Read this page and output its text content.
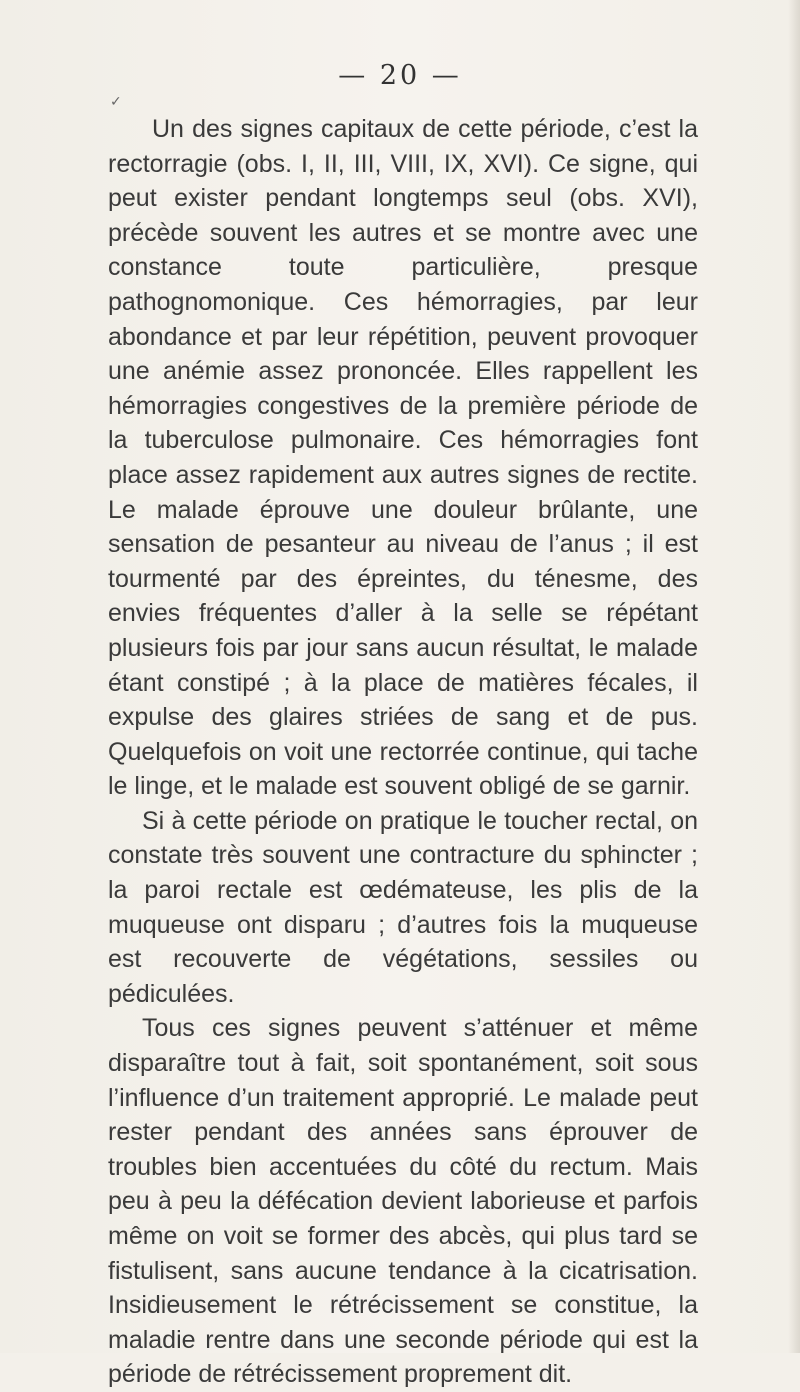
— 20 —
✓

Un des signes capitaux de cette période, c’est la rectorragie (obs. I, II, III, VIII, IX, XVI). Ce signe, qui peut exister pendant longtemps seul (obs. XVI), précède souvent les autres et se montre avec une constance toute particulière, presque pathognomonique. Ces hémorragies, par leur abondance et par leur répétition, peuvent provoquer une anémie assez prononcée. Elles rappellent les hémorragies congestives de la première période de la tuberculose pulmonaire. Ces hémorragies font place assez rapidement aux autres signes de rectite. Le malade éprouve une douleur brûlante, une sensation de pesanteur au niveau de l’anus ; il est tourmenté par des épreintes, du ténesme, des envies fréquentes d’aller à la selle se répétant plusieurs fois par jour sans aucun résultat, le malade étant constipé ; à la place de matières fécales, il expulse des glaires striées de sang et de pus. Quelquefois on voit une rectorrée continue, qui tache le linge, et le malade est souvent obligé de se garnir.

Si à cette période on pratique le toucher rectal, on constate très souvent une contracture du sphincter ; la paroi rectale est œdémateuse, les plis de la muqueuse ont disparu ; d’autres fois la muqueuse est recouverte de végétations, sessiles ou pédiculées.

Tous ces signes peuvent s’atténuer et même disparaître tout à fait, soit spontanément, soit sous l’influence d’un traitement approprié. Le malade peut rester pendant des années sans éprouver de troubles bien accentuées du côté du rectum. Mais peu à peu la défécation devient laborieuse et parfois même on voit se former des abcès, qui plus tard se fistulisent, sans aucune tendance à la cicatrisation. Insidieusement le rétrécissement se constitue, la maladie rentre dans une seconde période qui est la période de rétrécissement proprement dit.
